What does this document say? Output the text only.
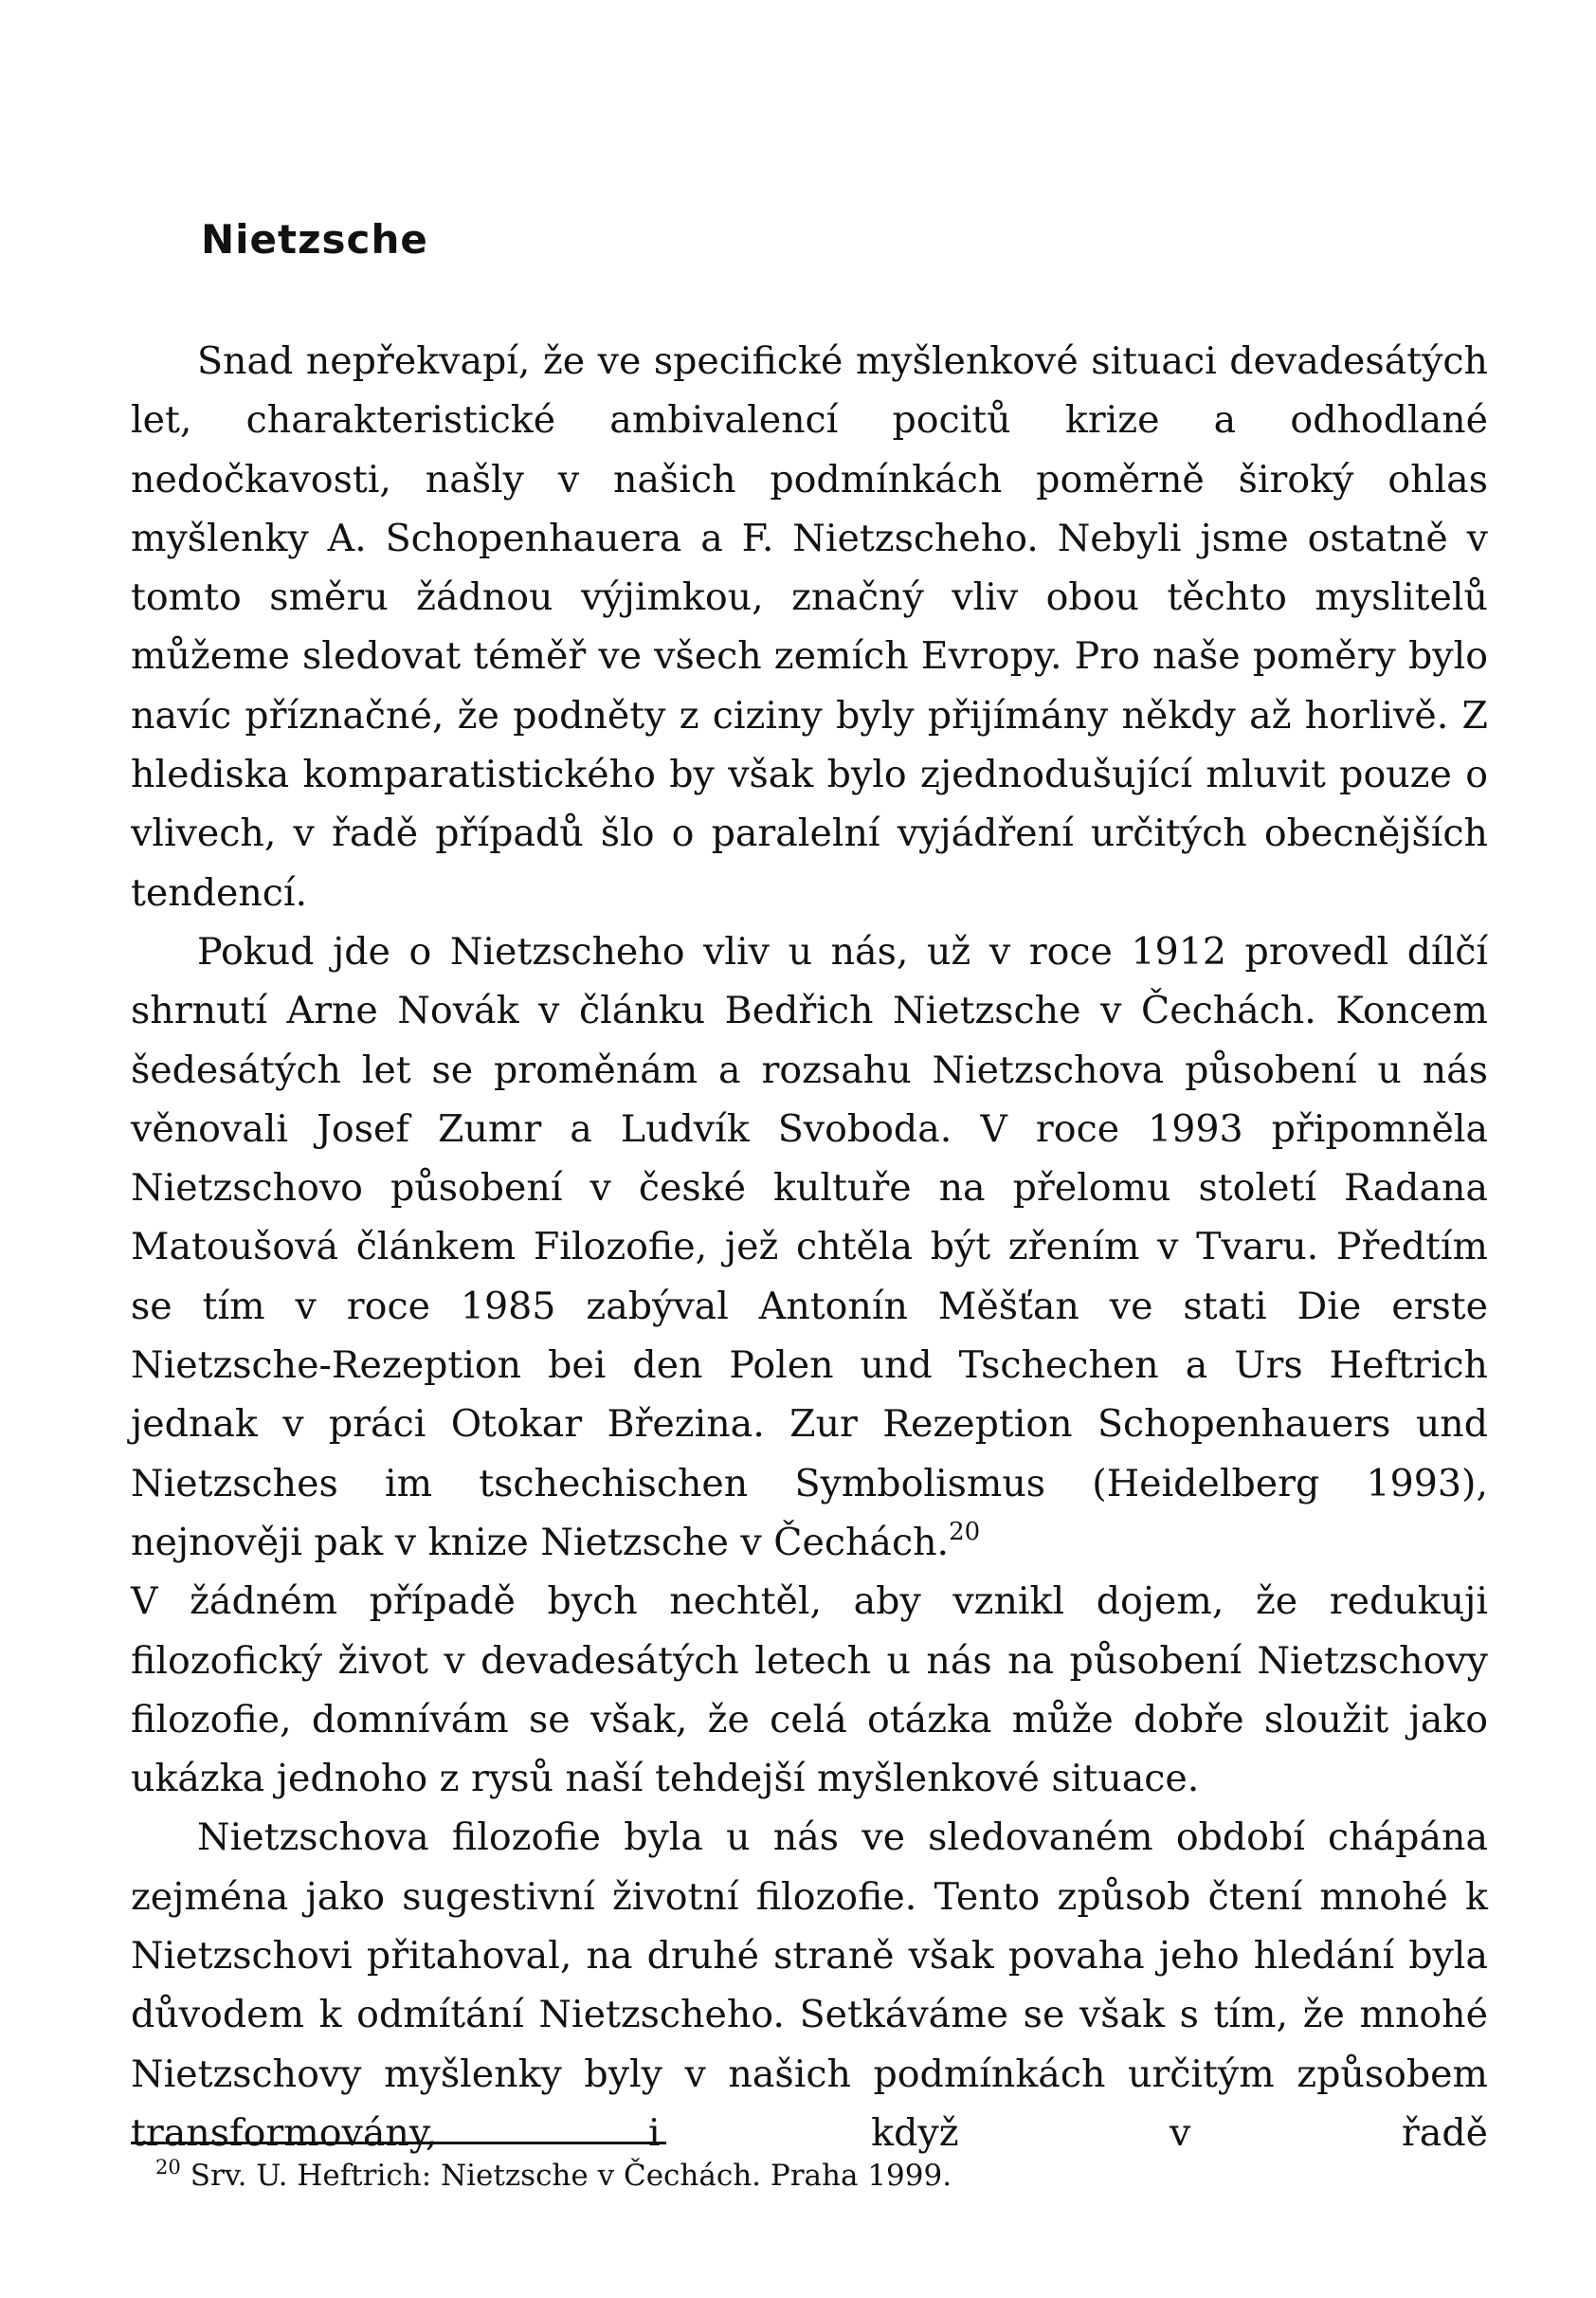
Nietzsche

Snad nepřekvapí, že ve specifické myšlenkové situaci devadesátých let, charakteristické ambivalencí pocitů krize a odhodlané nedočkavosti, našly v našich podmínkách poměrně široký ohlas myšlenky A. Schopenhauera a F. Nietzscheho. Nebyli jsme ostatně v tomto směru žádnou výjimkou, značný vliv obou těchto myslitelů můžeme sledovat téměř ve všech zemích Evropy. Pro naše poměry bylo navíc příznačné, že podněty z ciziny byly přijímány někdy až horlivě. Z hlediska komparatistického by však bylo zjednodušující mluvit pouze o vlivech, v řadě případů šlo o paralelní vyjádření určitých obecnějších tendencí.

Pokud jde o Nietzscheho vliv u nás, už v roce 1912 provedl dílčí shrnutí Arne Novák v článku Bedřich Nietzsche v Čechách. Koncem šedesátých let se proměnám a rozsahu Nietzschova působení u nás věnovali Josef Zumr a Ludvík Svoboda. V roce 1993 připomněla Nietzschovo působení v české kultuře na přelomu století Radana Matoušová článkem Filozofie, jež chtěla být zřením v Tvaru. Předtím se tím v roce 1985 zabýval Antonín Měšťan ve stati Die erste Nietzsche-Rezeption bei den Polen und Tschechen a Urs Heftrich jednak v práci Otokar Březina. Zur Rezeption Schopenhauers und Nietzsches im tschechischen Symbolismus (Heidelberg 1993), nejnověji pak v knize Nietzsche v Čechách.$^{20}$

V žádném případě bych nechtěl, aby vznikl dojem, že redukuji filozofický život v devadesátých letech u nás na působení Nietzschovy filozofie, domnívám se však, že celá otázka může dobře sloužit jako ukázka jednoho z rysů naší tehdejší myšlenkové situace.

Nietzschova filozofie byla u nás ve sledovaném období chápána zejména jako sugestivní životní filozofie. Tento způsob čtení mnohé k Nietzschovi přitahoval, na druhé straně však povaha jeho hledání byla důvodem k odmítání Nietzscheho. Setkáváme se však s tím, že mnohé Nietzschovy myšlenky byly v našich podmínkách určitým způsobem transformovány, i když v řadě

$^{20}$ Srv. U. Heftrich: Nietzsche v Čechách. Praha 1999.
